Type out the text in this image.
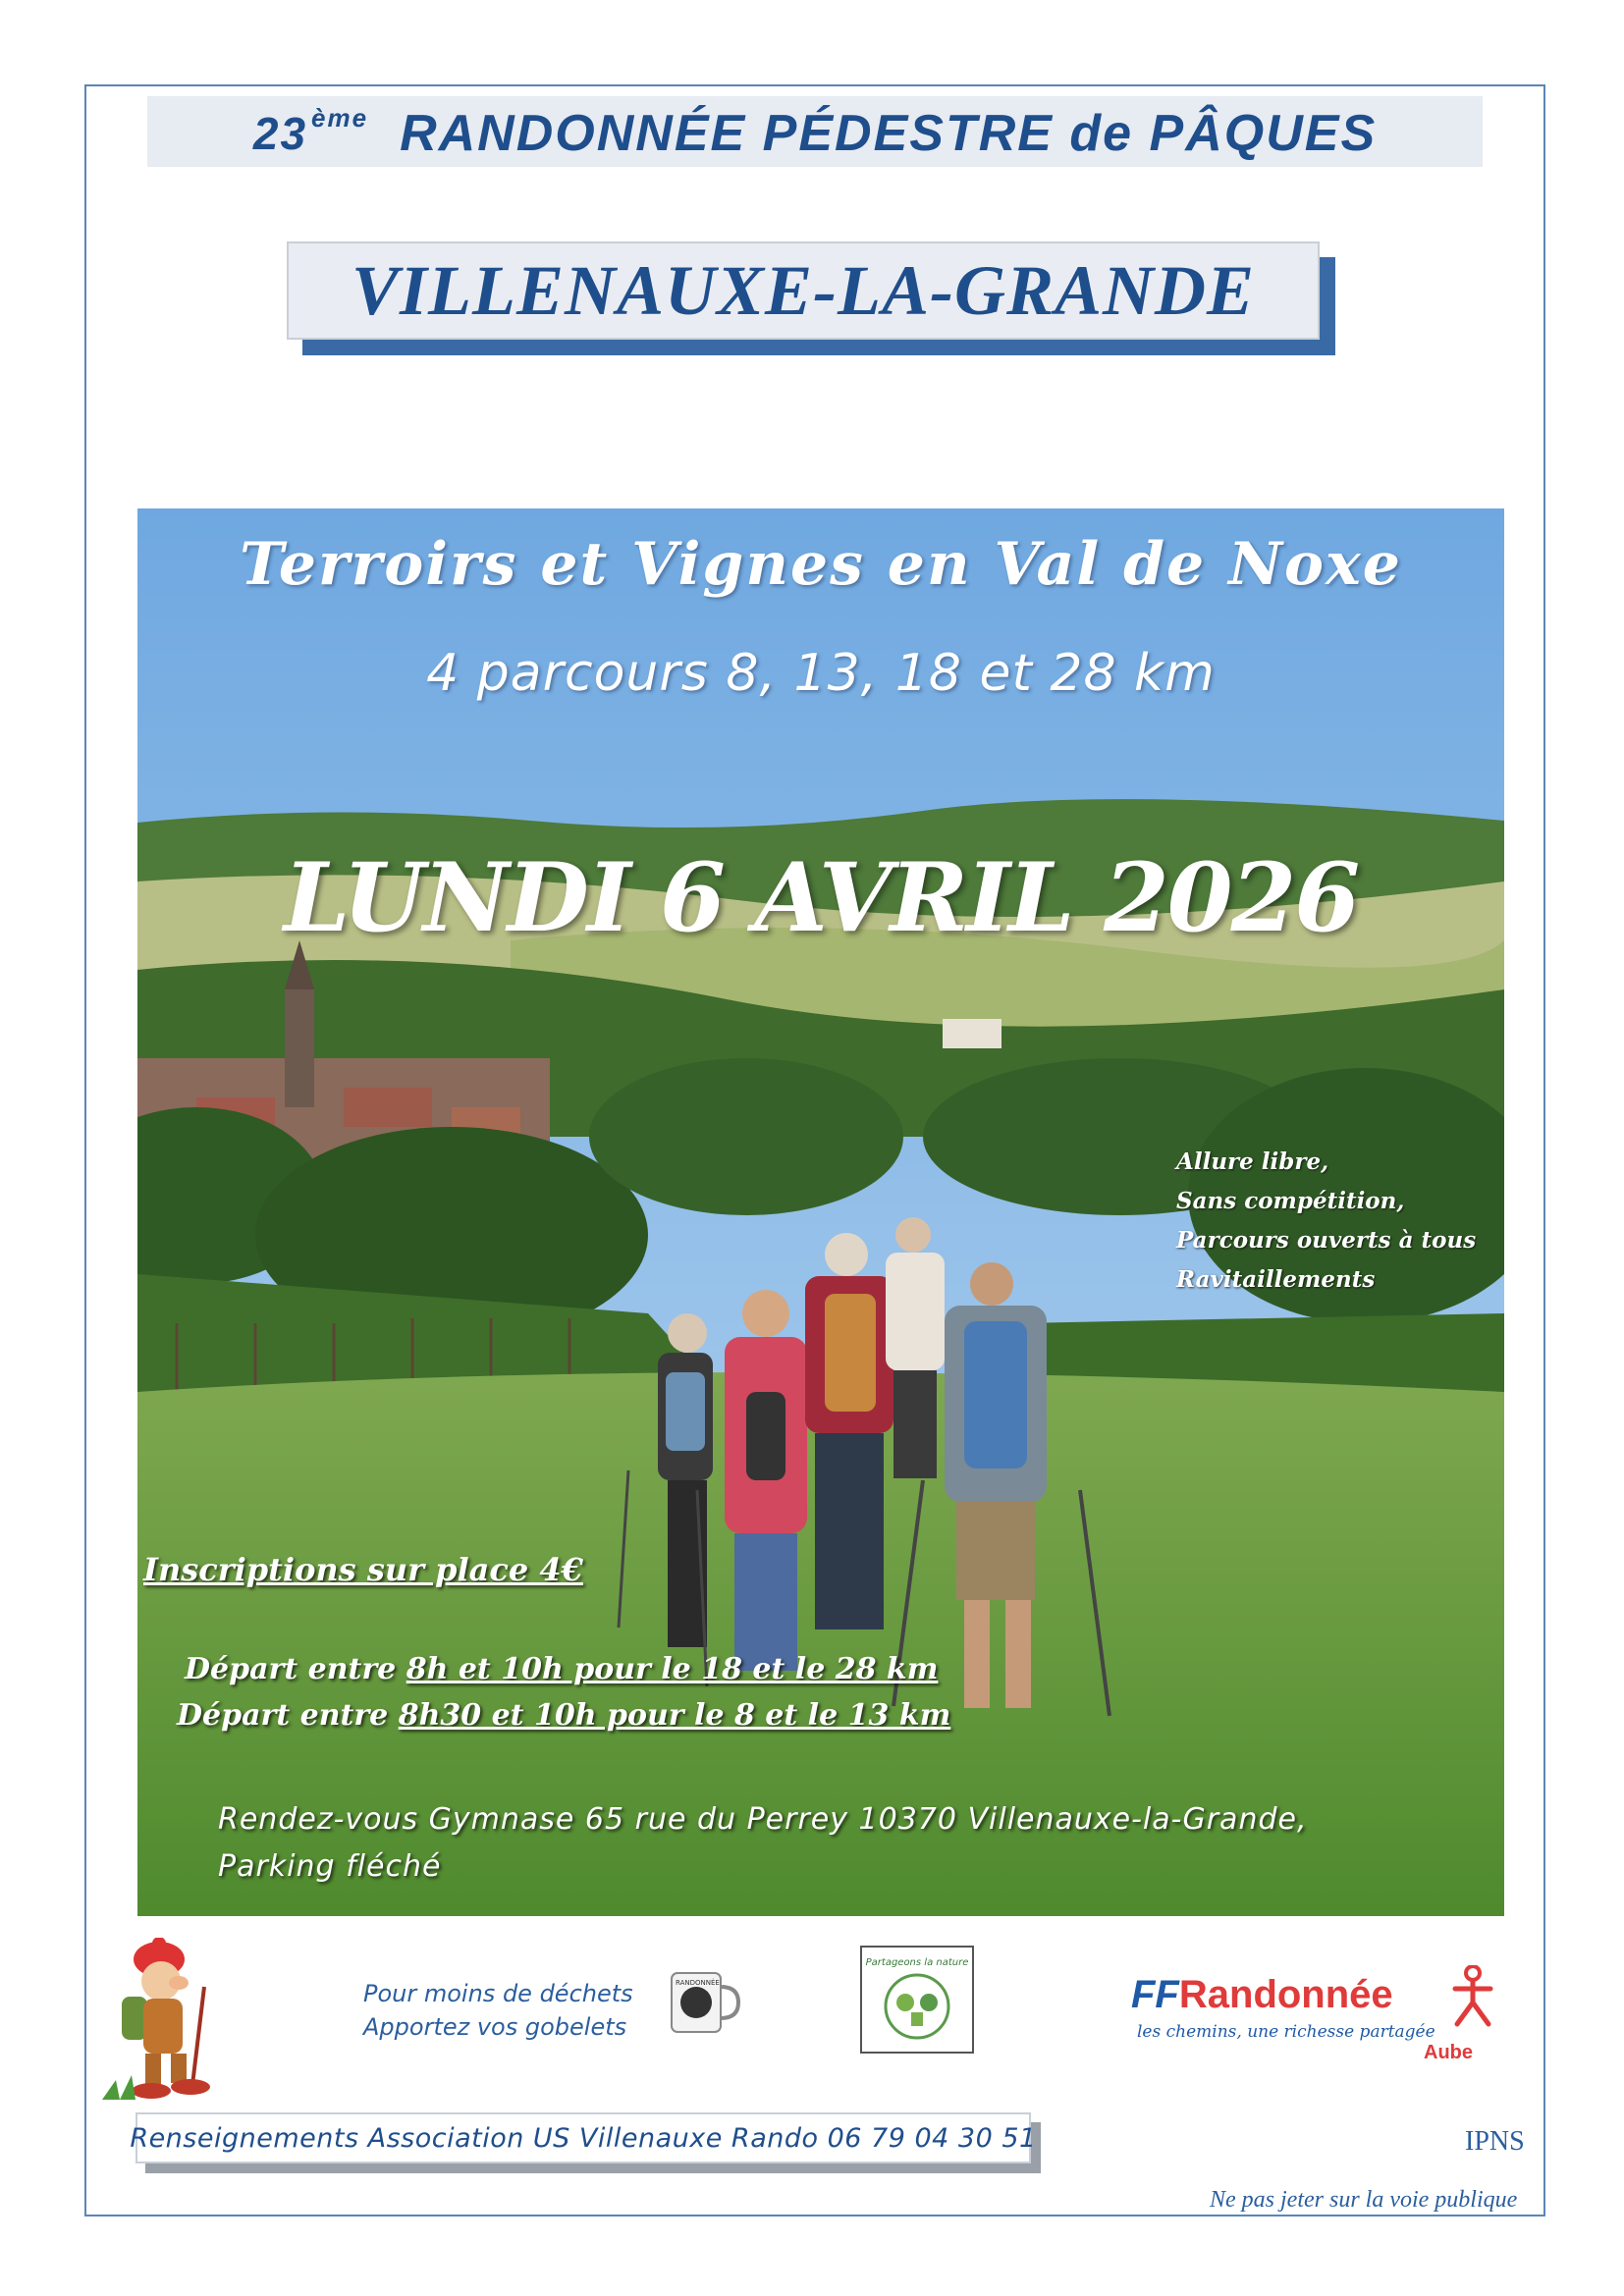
23 ème RANDONNÉE PÉDESTRE de PÂQUES
VILLENAUXE-LA-GRANDE
Terroirs et Vignes en Val de Noxe
4 parcours 8, 13, 18 et 28 km
LUNDI 6 AVRIL 2026
Allure libre,
Sans compétition,
Parcours ouverts à tous
Ravitaillements
Inscriptions sur place 4€
Départ entre 8h et 10h pour le 18 et le 28 km
Départ entre 8h30 et 10h pour le 8 et le 13 km
Rendez-vous Gymnase 65 rue du Perrey 10370 Villenauxe-la-Grande,
Parking fléché
Pour moins de déchets
Apportez vos gobelets
RANDONNÉE
Partageons la nature
FFRandonnée
les chemins, une richesse partagée
Aube
Renseignements Association US Villenauxe Rando 06 79 04 30 51	IPNS
Ne pas jeter sur la voie publique
